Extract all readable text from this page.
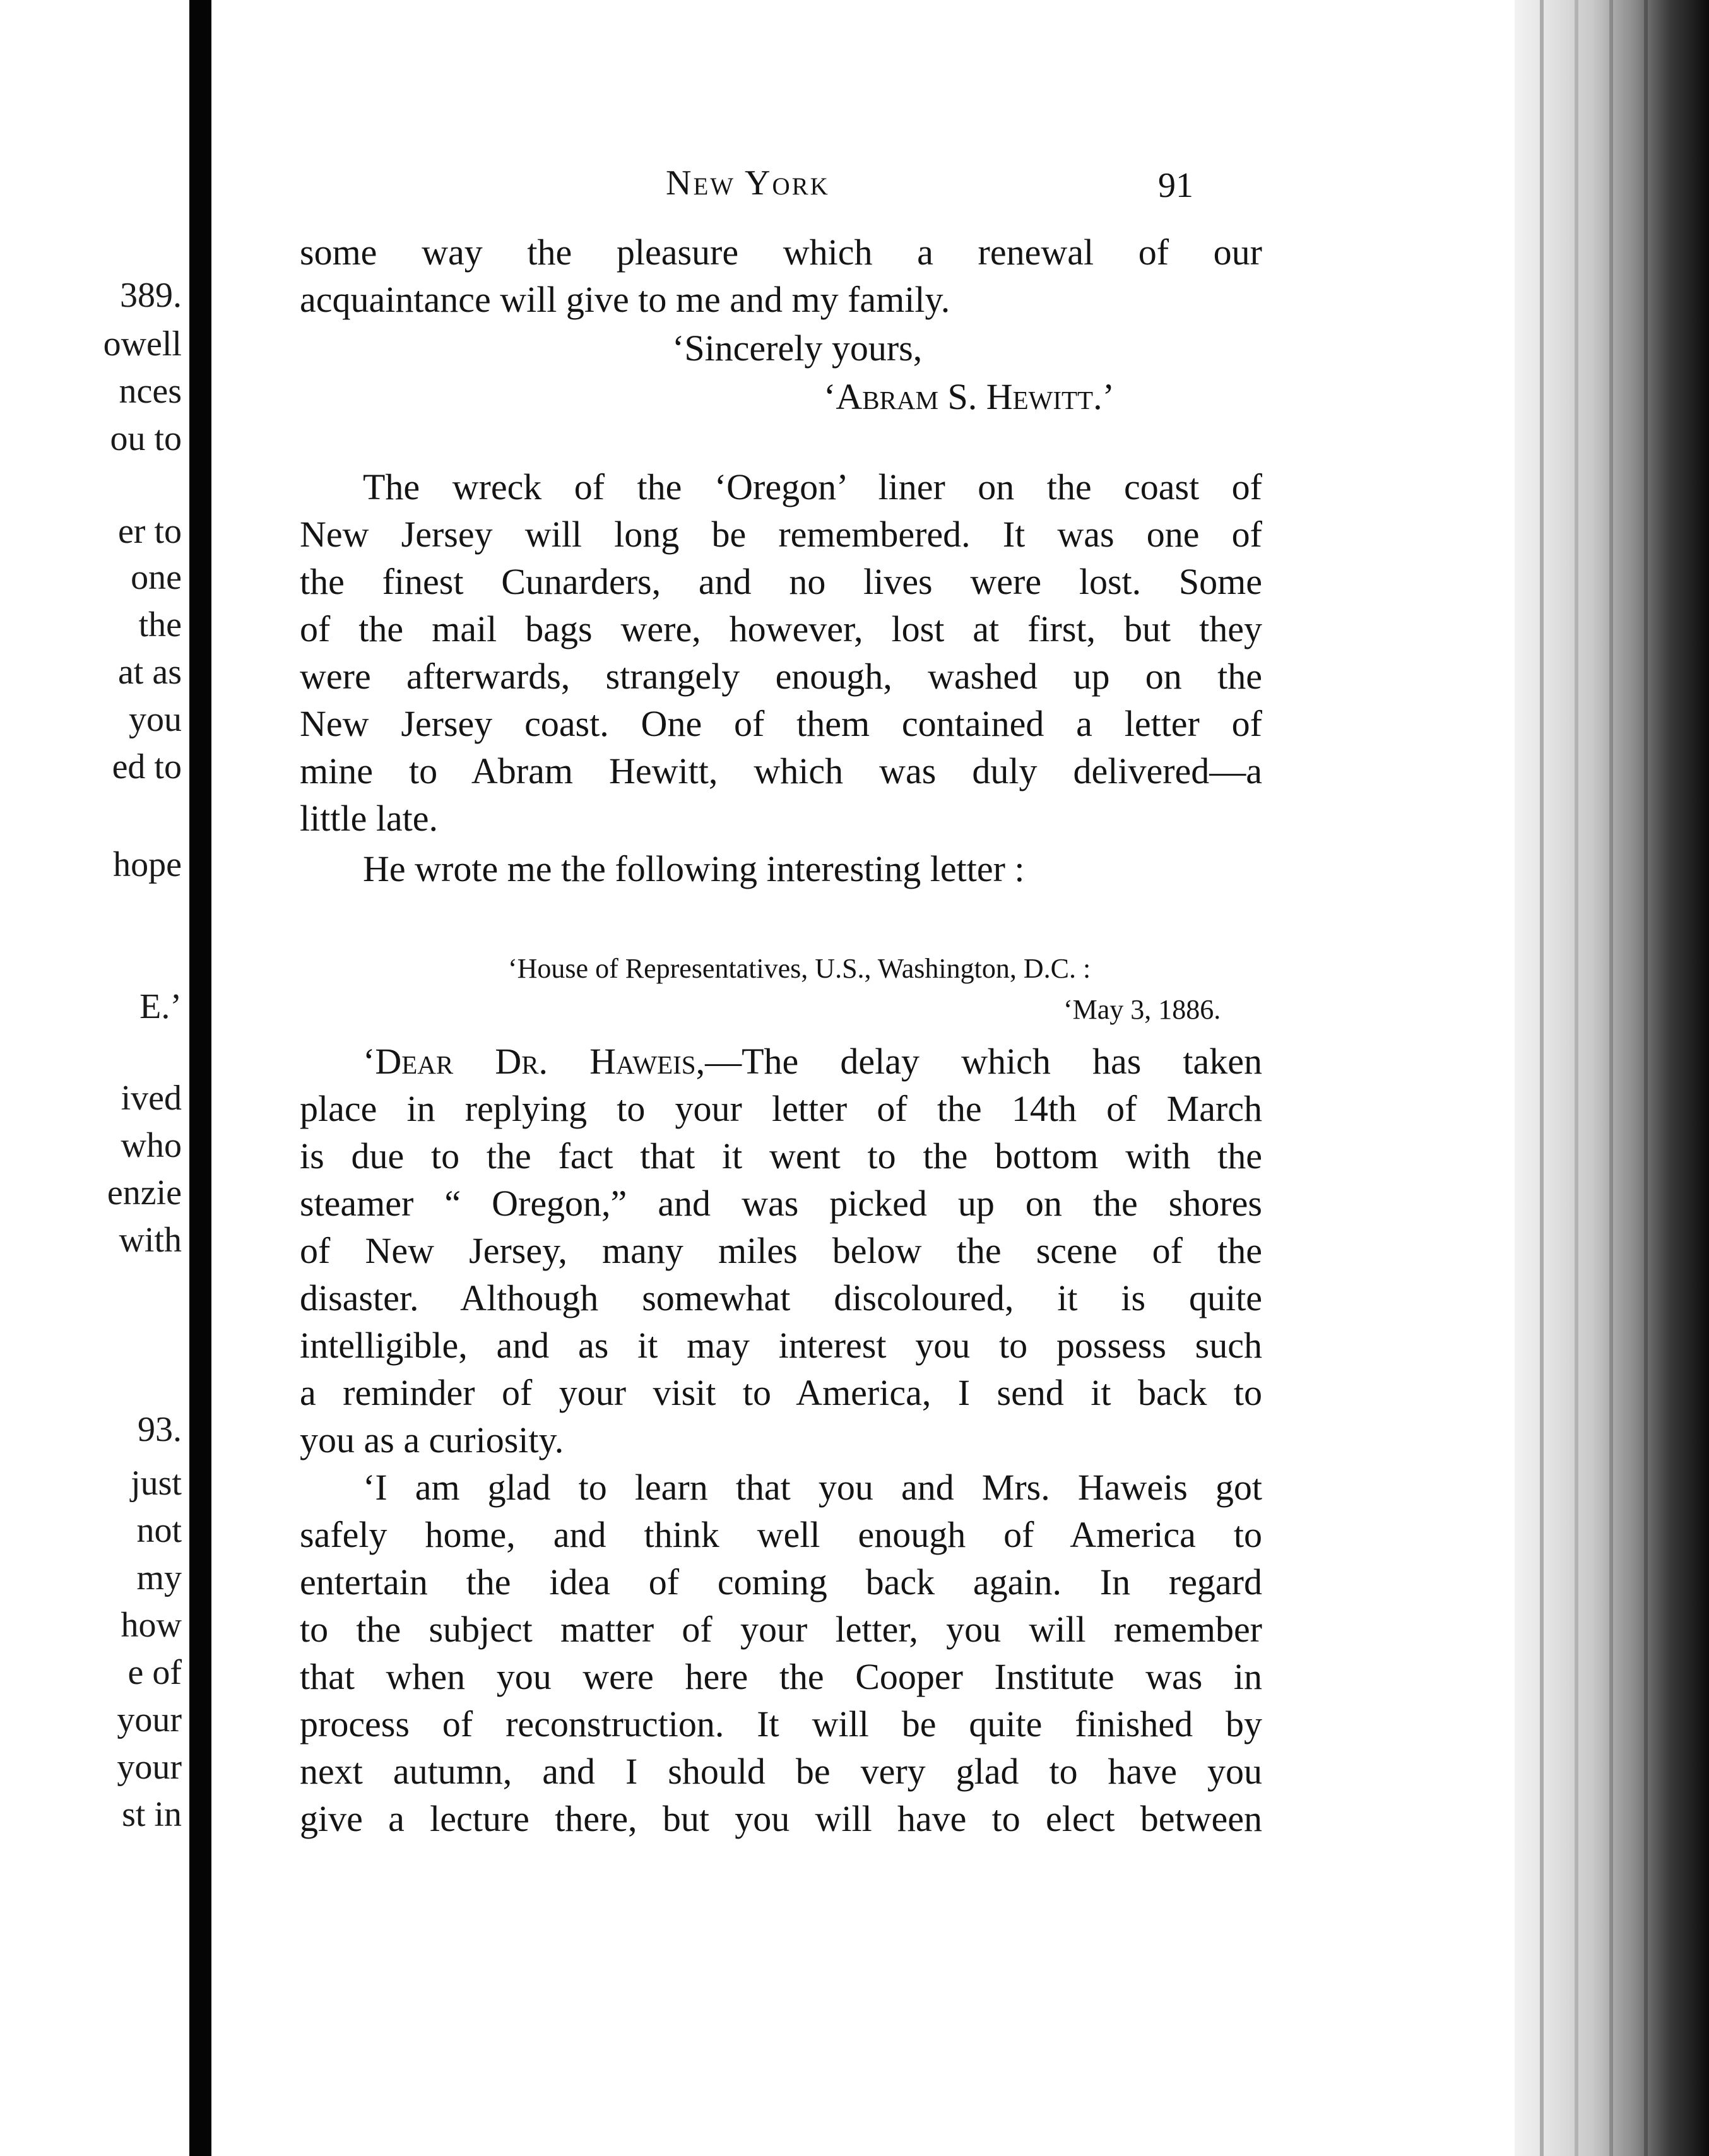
389.
owell
nces
ou to
er to
one
the
at as
you
ed to
hope
E.’
ived
who
enzie
with
93.
just
not
my
how
e of
your
your
st in
New York	91
some way the pleasure which a renewal of our
acquaintance will give to me and my family.
‘Sincerely yours,
‘Abram S. Hewitt.’
The wreck of the ‘Oregon’ liner on the coast of
New Jersey will long be remembered. It was one of
the finest Cunarders, and no lives were lost. Some
of the mail bags were, however, lost at first, but they
were afterwards, strangely enough, washed up on the
New Jersey coast. One of them contained a letter of
mine to Abram Hewitt, which was duly delivered—a
little late.
He wrote me the following interesting letter :
‘House of Representatives, U.S., Washington, D.C. :
‘May 3, 1886.
‘Dear Dr. Haweis,—The delay which has taken
place in replying to your letter of the 14th of March
is due to the fact that it went to the bottom with the
steamer “ Oregon,” and was picked up on the shores
of New Jersey, many miles below the scene of the
disaster. Although somewhat discoloured, it is quite
intelligible, and as it may interest you to possess such
a reminder of your visit to America, I send it back to
you as a curiosity.
‘I am glad to learn that you and Mrs. Haweis got
safely home, and think well enough of America to
entertain the idea of coming back again. In regard
to the subject matter of your letter, you will remember
that when you were here the Cooper Institute was in
process of reconstruction. It will be quite finished by
next autumn, and I should be very glad to have you
give a lecture there, but you will have to elect between
